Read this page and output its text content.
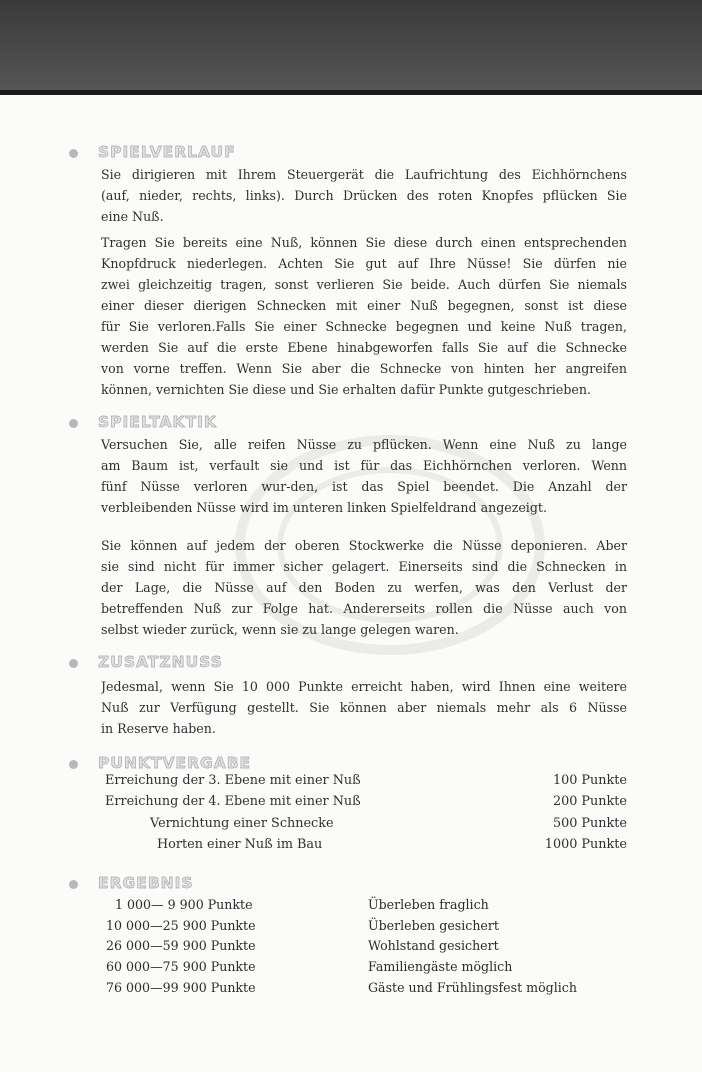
SPIELVERLAUF

Sie dirigieren mit Ihrem Steuergerät die Laufrichtung des Eichhörnchens
(auf, nieder, rechts, links). Durch Drücken des roten Knopfes pflücken Sie
eine Nuß.

Tragen Sie bereits eine Nuß, können Sie diese durch einen entsprechenden
Knopfdruck niederlegen. Achten Sie gut auf Ihre Nüsse! Sie dürfen nie
zwei gleichzeitig tragen, sonst verlieren Sie beide. Auch dürfen Sie niemals
einer dieser dierigen Schnecken mit einer Nuß begegnen, sonst ist diese
für Sie verloren.Falls Sie einer Schnecke begegnen und keine Nuß tragen,
werden Sie auf die erste Ebene hinabgeworfen falls Sie auf die Schnecke
von vorne treffen. Wenn Sie aber die Schnecke von hinten her angreifen
können, vernichten Sie diese und Sie erhalten dafür Punkte gutgeschrieben.

SPIELTAKTIK

Versuchen Sie, alle reifen Nüsse zu pflücken. Wenn eine Nuß zu lange
am Baum ist, verfault sie und ist für das Eichhörnchen verloren. Wenn
fünf Nüsse verloren wur-den, ist das Spiel beendet. Die Anzahl der
verbleibenden Nüsse wird im unteren linken Spielfeldrand angezeigt.

Sie können auf jedem der oberen Stockwerke die Nüsse deponieren. Aber
sie sind nicht für immer sicher gelagert. Einerseits sind die Schnecken in
der Lage, die Nüsse auf den Boden zu werfen, was den Verlust der
betreffenden Nuß zur Folge hat. Andererseits rollen die Nüsse auch von
selbst wieder zurück, wenn sie zu lange gelegen waren.

ZUSATZNUSS

Jedesmal, wenn Sie 10 000 Punkte erreicht haben, wird Ihnen eine weitere
Nuß zur Verfügung gestellt. Sie können aber niemals mehr als 6 Nüsse
in Reserve haben.

PUNKTVERGABE
Erreichung der 3. Ebene mit einer Nuß	100 Punkte
Erreichung der 4. Ebene mit einer Nuß	200 Punkte
Vernichtung einer Schnecke	500 Punkte
Horten einer Nuß im Bau	1000 Punkte
ERGEBNIS
1 000— 9 900 Punkte	Überleben fraglich
10 000—25 900 Punkte	Überleben gesichert
26 000—59 900 Punkte	Wohlstand gesichert
60 000—75 900 Punkte	Familiengäste möglich
76 000—99 900 Punkte	Gäste und Frühlingsfest möglich
